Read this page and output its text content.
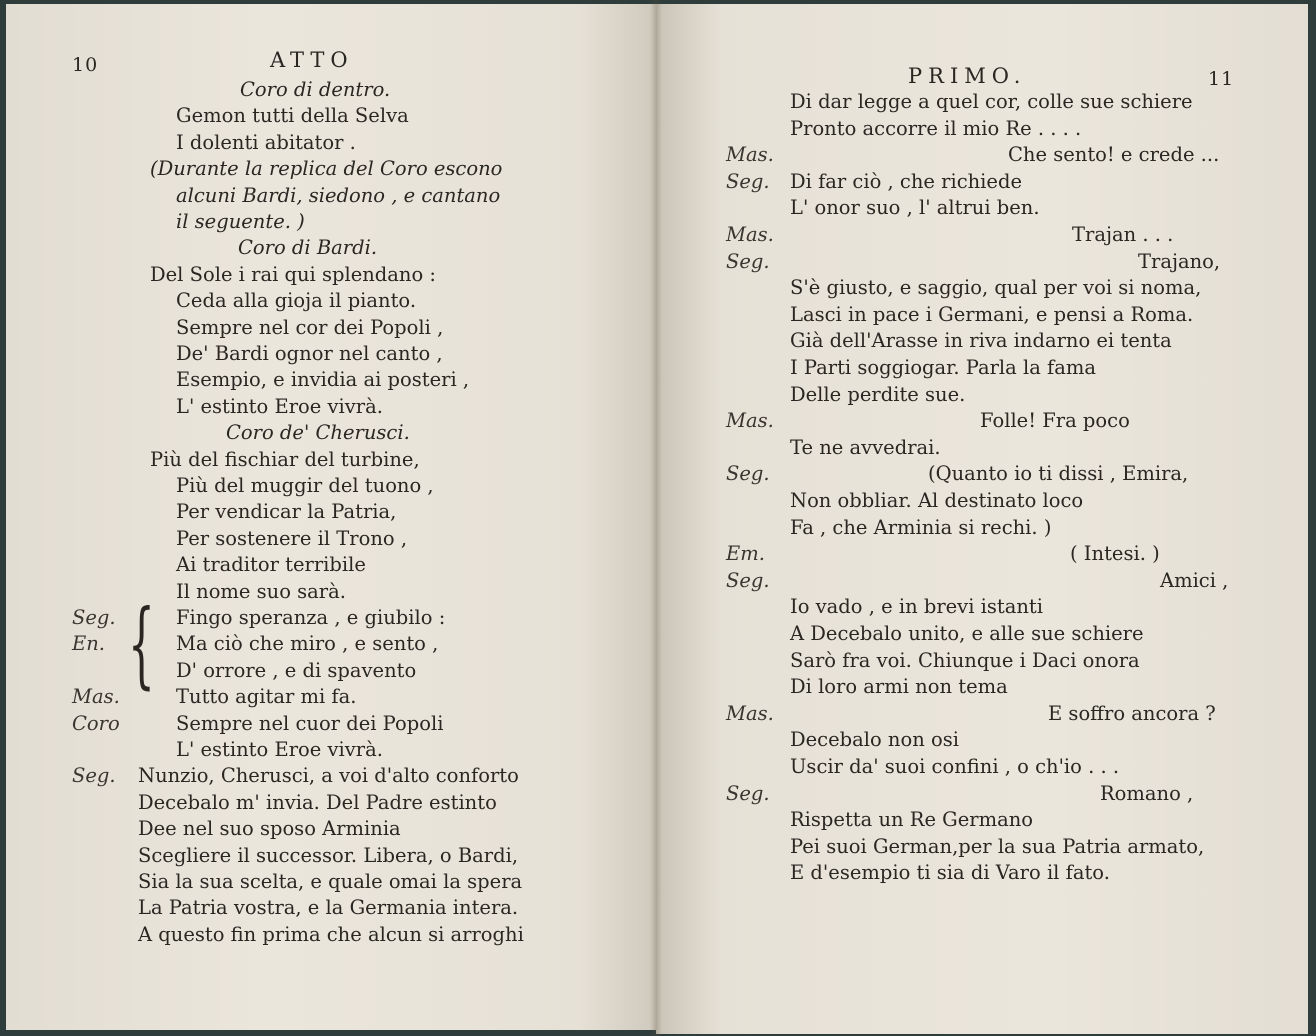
10	ATTO
{
Coro di dentro.
Gemon tutti della Selva
I dolenti abitator .
(Durante la replica del Coro escono
alcuni Bardi, siedono , e cantano
il seguente. )
Coro di Bardi.
Del Sole i rai qui splendano :
Ceda alla gioja il pianto.
Sempre nel cor dei Popoli ,
De' Bardi ognor nel canto ,
Esempio, e invidia ai posteri ,
L' estinto Eroe vivrà.
Coro de' Cherusci.
Più del fischiar del turbine,
Più del muggir del tuono ,
Per vendicar la Patria,
Per sostenere il Trono ,
Ai traditor terribile
Il nome suo sarà.
Seg.	Fingo speranza , e giubilo :
En.	Ma ciò che miro , e sento ,
D' orrore , e di spavento
Mas.	Tutto agitar mi fa.
Coro	Sempre nel cuor dei Popoli
L' estinto Eroe vivrà.
Seg. Nunzio, Cherusci, a voi d'alto conforto
Decebalo m' invia. Del Padre estinto
Dee nel suo sposo Arminia
Scegliere il successor. Libera, o Bardi,
Sia la sua scelta, e quale omai la spera
La Patria vostra, e la Germania intera.
A questo fin prima che alcun si arroghi
PRIMO.	11
Di dar legge a quel cor, colle sue schiere
Pronto accorre il mio Re . . . .
Mas.	Che sento! e crede ...
Seg. Di far ciò , che richiede
L' onor suo , l' altrui ben.
Mas.	Trajan . . .
Seg.	Trajano,
S'è giusto, e saggio, qual per voi si noma,
Lasci in pace i Germani, e pensi a Roma.
Già dell'Arasse in riva indarno ei tenta
I Parti soggiogar. Parla la fama
Delle perdite sue.
Mas.	Folle! Fra poco
Te ne avvedrai.
Seg.	(Quanto io ti dissi , Emira,
Non obbliar. Al destinato loco
Fa , che Arminia si rechi. )
Em.	( Intesi. )
Seg.	Amici ,
Io vado , e in brevi istanti
A Decebalo unito, e alle sue schiere
Sarò fra voi. Chiunque i Daci onora
Di loro armi non tema
Mas.	E soffro ancora ?
Decebalo non osi
Uscir da' suoi confini , o ch'io . . .
Seg.	Romano ,
Rispetta un Re Germano
Pei suoi German,per la sua Patria armato,
E d'esempio ti sia di Varo il fato.
